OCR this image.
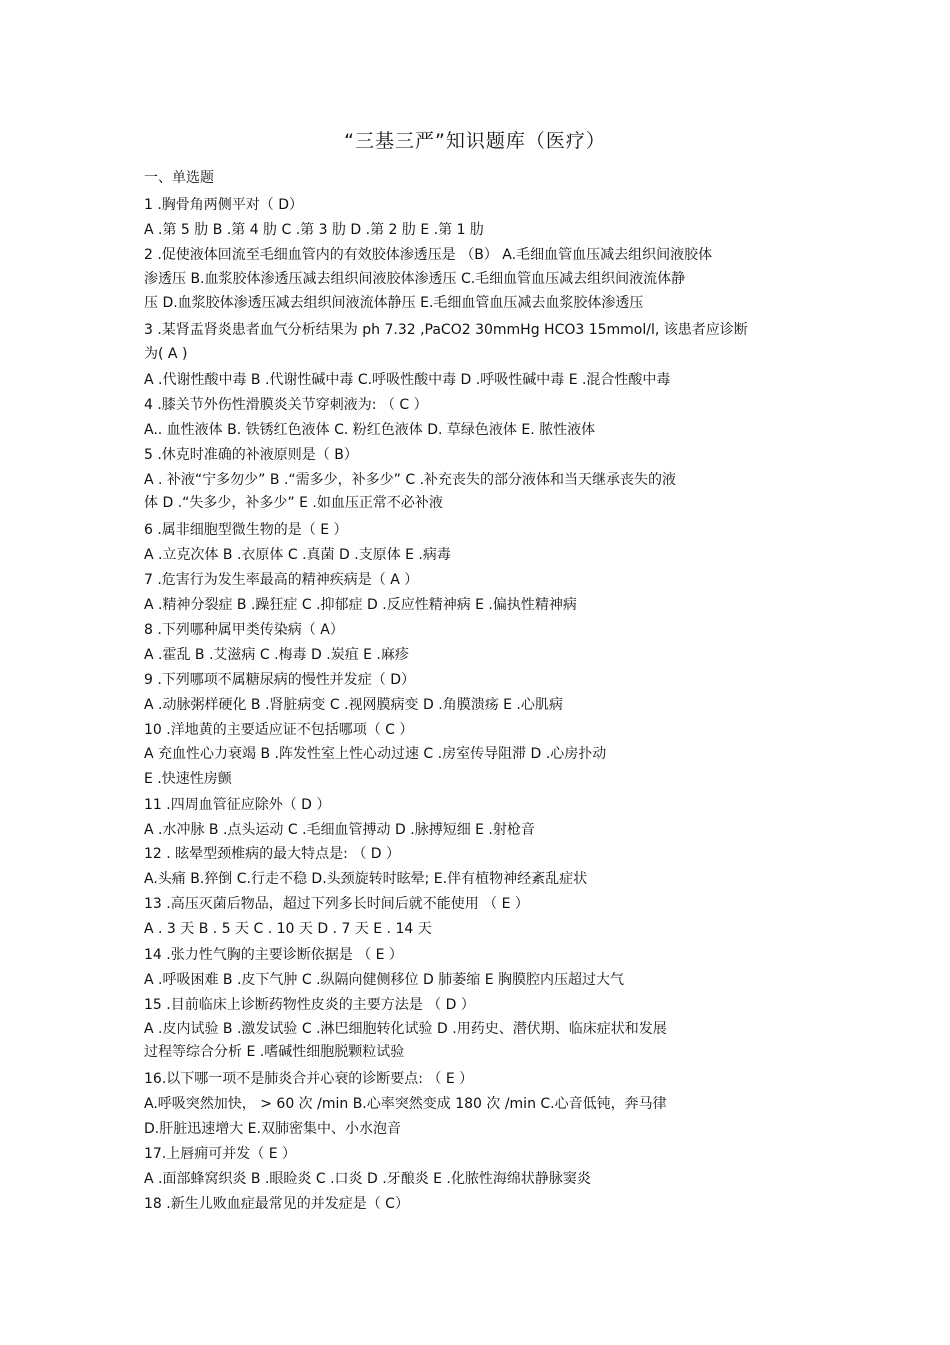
“三基三严”知识题库（医疗）
一、单选题
1 .胸骨角两侧平对（ D）
A .第 5 肋 B .第 4 肋 C .第 3 肋 D .第 2 肋 E .第 1 肋
2 .促使液体回流至毛细血管内的有效胶体渗透压是 （B） A.毛细血管血压减去组织间液胶体
渗透压 B.血浆胶体渗透压减去组织间液胶体渗透压 C.毛细血管血压减去组织间液流体静
压 D.血浆胶体渗透压减去组织间液流体静压 E.毛细血管血压减去血浆胶体渗透压
3 .某肾盂肾炎患者血气分析结果为 ph 7.32 ,PaCO2 30mmHg HCO3 15mmol/l, 该患者应诊断
为( A )
A .代谢性酸中毒 B .代谢性碱中毒 C.呼吸性酸中毒 D .呼吸性碱中毒 E .混合性酸中毒
4 .膝关节外伤性滑膜炎关节穿刺液为: （ C ）
A.. 血性液体 B. 铁锈红色液体 C. 粉红色液体 D. 草绿色液体 E. 脓性液体
5 .休克时准确的补液原则是（ B）
A . 补液“宁多勿少” B .“需多少，补多少” C .补充丧失的部分液体和当天继承丧失的液
体 D .“失多少，补多少” E .如血压正常不必补液
6 .属非细胞型微生物的是（ E ）
A .立克次体 B .衣原体 C .真菌 D .支原体 E .病毒
7 .危害行为发生率最高的精神疾病是（ A ）
A .精神分裂症 B .躁狂症 C .抑郁症 D .反应性精神病 E .偏执性精神病
8 .下列哪种属甲类传染病（ A）
A .霍乱 B .艾滋病 C .梅毒 D .炭疽 E .麻疹
9 .下列哪项不属糖尿病的慢性并发症（ D）
A .动脉粥样硬化 B .肾脏病变 C .视网膜病变 D .角膜溃疡 E .心肌病
10 .洋地黄的主要适应证不包括哪项（ C ）
A 充血性心力衰竭 B .阵发性室上性心动过速 C .房室传导阻滞 D .心房扑动
E .快速性房颤
11 .四周血管征应除外（ D ）
A .水冲脉 B .点头运动 C .毛细血管搏动 D .脉搏短细 E .射枪音
12 . 眩晕型颈椎病的最大特点是: （ D ）
A.头痛 B.猝倒 C.行走不稳 D.头颈旋转时眩晕; E.伴有植物神经紊乱症状
13 .高压灭菌后物品，超过下列多长时间后就不能使用 （ E ）
A . 3 天 B . 5 天 C . 10 天 D . 7 天 E . 14 天
14 .张力性气胸的主要诊断依据是 （ E ）
A .呼吸困难 B .皮下气肿 C .纵隔向健侧移位 D 肺萎缩 E 胸膜腔内压超过大气
15 .目前临床上诊断药物性皮炎的主要方法是 （ D ）
A .皮内试验 B .激发试验 C .淋巴细胞转化试验 D .用药史、潜伏期、临床症状和发展
过程等综合分析 E .嗜碱性细胞脱颗粒试验
16.以下哪一项不是肺炎合并心衰的诊断要点: （ E ）
A.呼吸突然加快， > 60 次 /min B.心率突然变成 180 次 /min C.心音低钝，奔马律
D.肝脏迅速增大 E.双肺密集中、小水泡音
17.上唇痈可并发（ E ）
A .面部蜂窝织炎 B .眼睑炎 C .口炎 D .牙酿炎 E .化脓性海绵状静脉窦炎
18 .新生儿败血症最常见的并发症是（ C）
